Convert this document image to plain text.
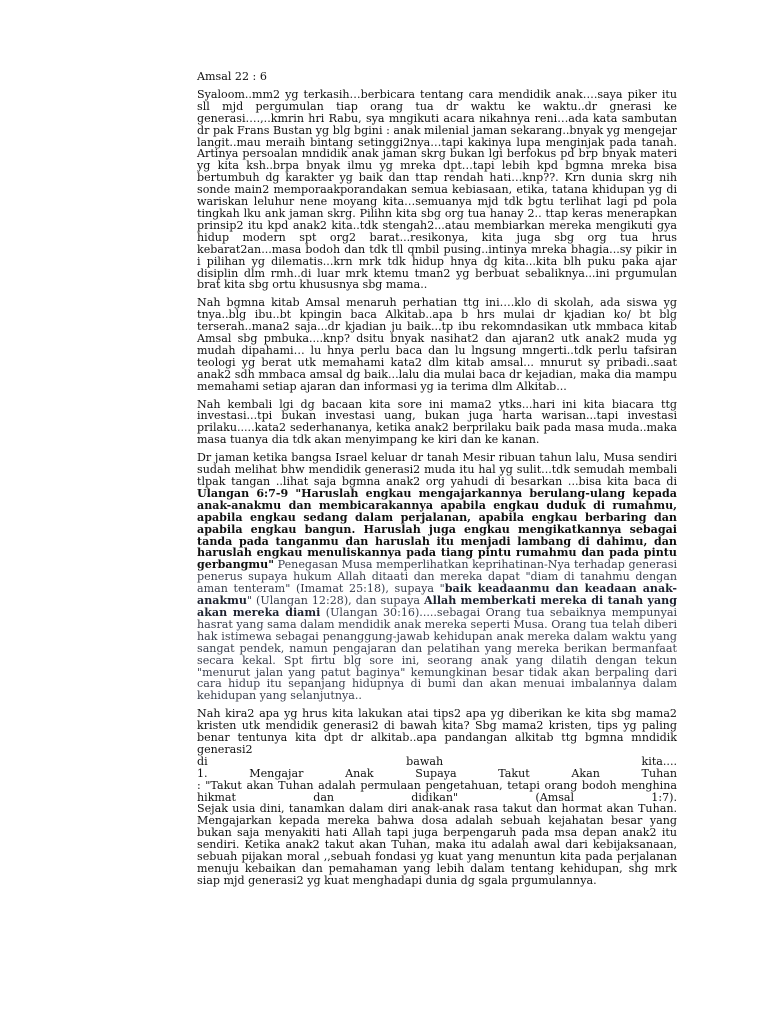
Amsal 22 : 6

Syaloom..mm2 yg terkasih…berbicara tentang cara mendidik anak….saya piker itu sll mjd pergumulan tiap orang tua dr waktu ke waktu..dr gnerasi ke generasi….,..kmrin hri Rabu, sya mngikuti acara nikahnya reni…ada kata sambutan dr pak Frans Bustan yg blg bgini : anak milenial jaman sekarang..bnyak yg mengejar langit..mau meraih bintang setinggi2nya…tapi kakinya lupa menginjak pada tanah. Artinya persoalan mndidik anak jaman skrg bukan lgi berfokus pd brp bnyak materi yg kita ksh..brpa bnyak ilmu yg mreka dpt…tapi lebih kpd bgmna mreka bisa bertumbuh dg karakter yg baik dan ttap rendah hati…knp??. Krn dunia skrg nih sonde main2 memporaakporandakan semua kebiasaan, etika, tatana khidupan yg di wariskan leluhur nene moyang kita…semuanya mjd tdk bgtu terlihat lagi pd pola tingkah lku ank jaman skrg. Pilihn kita sbg org tua hanay 2.. ttap keras menerapkan prinsip2 itu kpd anak2 kita..tdk stengah2...atau membiarkan mereka mengikuti gya hidup modern spt org2 barat...resikonya, kita juga sbg org tua hrus kebarat2an...masa bodoh dan tdk tll qmbil pusing..intinya mreka bhagia...sy pikir in i pilihan yg dilematis...krn mrk tdk hidup hnya dg kita...kita blh puku paka ajar disiplin dlm rmh..di luar mrk ktemu tman2 yg berbuat sebaliknya...ini prgumulan brat kita sbg ortu khususnya sbg mama..

Nah bgmna kitab Amsal menaruh perhatian ttg ini….klo di skolah, ada siswa yg tnya..blg ibu..bt kpingin baca Alkitab..apa b hrs mulai dr kjadian ko/ bt blg terserah..mana2 saja...dr kjadian ju baik...tp ibu rekomndasikan utk mmbaca kitab Amsal sbg pmbuka....knp? dsitu bnyak nasihat2 dan ajaran2 utk anak2 muda yg mudah dipahami… lu hnya perlu baca dan lu lngsung mngerti..tdk perlu tafsiran teologi yg berat utk memahami kata2 dlm kitab amsal... mnurut sy pribadi..saat anak2 sdh mmbaca amsal dg baik...lalu dia mulai baca dr kejadian, maka dia mampu memahami setiap ajaran dan informasi yg ia terima dlm Alkitab...

Nah kembali lgi dg bacaan kita sore ini mama2 ytks...hari ini kita biacara ttg investasi...tpi bukan investasi uang, bukan juga harta warisan...tapi investasi prilaku.....kata2 sederhananya, ketika anak2 berprilaku baik pada masa muda..maka masa tuanya dia tdk akan menyimpang ke kiri dan ke kanan.

Dr jaman ketika bangsa Israel keluar dr tanah Mesir ribuan tahun lalu, Musa sendiri sudah melihat bhw mendidik generasi2 muda itu hal yg sulit...tdk semudah membali tlpak tangan ..lihat saja bgmna anak2 org yahudi di besarkan ...bisa kita baca di Ulangan 6:7-9 "Haruslah engkau mengajarkannya berulang-ulang kepada anak-anakmu dan membicarakannya apabila engkau duduk di rumahmu, apabila engkau sedang dalam perjalanan, apabila engkau berbaring dan apabila engkau bangun. Haruslah juga engkau mengikatkannya sebagai tanda pada tanganmu dan haruslah itu menjadi lambang di dahimu, dan haruslah engkau menuliskannya pada tiang pintu rumahmu dan pada pintu gerbangmu" Penegasan Musa memperlihatkan keprihatinan-Nya terhadap generasi penerus supaya hukum Allah ditaati dan mereka dapat "diam di tanahmu dengan aman tenteram" (Imamat 25:18), supaya "baik keadaanmu dan keadaan anak-anakmu" (Ulangan 12:28), dan supaya Allah memberkati mereka di tanah yang akan mereka diami (Ulangan 30:16).....sebagai Orang tua sebaiknya mempunyai hasrat yang sama dalam mendidik anak mereka seperti Musa. Orang tua telah diberi hak istimewa sebagai penanggung-jawab kehidupan anak mereka dalam waktu yang sangat pendek, namun pengajaran dan pelatihan yang mereka berikan bermanfaat secara kekal. Spt firtu blg sore ini, seorang anak yang dilatih dengan tekun "menurut jalan yang patut baginya" kemungkinan besar tidak akan berpaling dari cara hidup itu sepanjang hidupnya di bumi dan akan menuai imbalannya dalam kehidupan yang selanjutnya..

Nah kira2 apa yg hrus kita lakukan atai tips2 apa yg diberikan ke kita sbg mama2 kristen utk mendidik generasi2 di bawah kita? Sbg mama2 kristen, tips yg paling benar tentunya kita dpt dr alkitab..apa pandangan alkitab ttg bgmna mndidik generasi2
di bawah kita....
1. Mengajar Anak Supaya Takut Akan Tuhan
: "Takut akan Tuhan adalah permulaan pengetahuan, tetapi orang bodoh menghina
hikmat dan didikan" (Amsal 1:7).
Sejak usia dini, tanamkan dalam diri anak-anak rasa takut dan hormat akan Tuhan. Mengajarkan kepada mereka bahwa dosa adalah sebuah kejahatan besar yang bukan saja menyakiti hati Allah tapi juga berpengaruh pada msa depan anak2 itu sendiri. Ketika anak2 takut akan Tuhan, maka itu adalah awal dari kebijaksanaan, sebuah pijakan moral ,,sebuah fondasi yg kuat yang menuntun kita pada perjalanan menuju kebaikan dan pemahaman yang lebih dalam tentang kehidupan, shg mrk siap mjd generasi2 yg kuat menghadapi dunia dg sgala prgumulannya.
